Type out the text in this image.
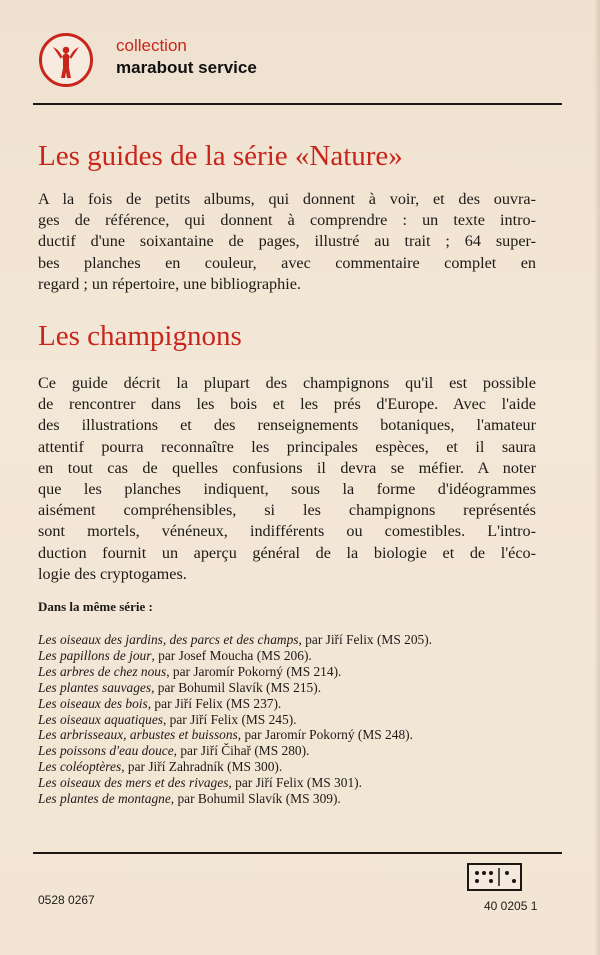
collection
marabout service
Les guides de la série «Nature»
A la fois de petits albums, qui donnent à voir, et des ouvra-
ges de référence, qui donnent à comprendre : un texte intro-
ductif d'une soixantaine de pages, illustré au trait ; 64 super-
bes planches en couleur, avec commentaire complet en
regard ; un répertoire, une bibliographie.
Les champignons
Ce guide décrit la plupart des champignons qu'il est possible
de rencontrer dans les bois et les prés d'Europe. Avec l'aide
des illustrations et des renseignements botaniques, l'amateur
attentif pourra reconnaître les principales espèces, et il saura
en tout cas de quelles confusions il devra se méfier. A noter
que les planches indiquent, sous la forme d'idéogrammes
aisément compréhensibles, si les champignons représentés
sont mortels, vénéneux, indifférents ou comestibles. L'intro-
duction fournit un aperçu général de la biologie et de l'éco-
logie des cryptogames.

Dans la même série :

Les oiseaux des jardins, des parcs et des champs, par Jiří Felix (MS 205).
Les papillons de jour, par Josef Moucha (MS 206).
Les arbres de chez nous, par Jaromír Pokorný (MS 214).
Les plantes sauvages, par Bohumil Slavík (MS 215).
Les oiseaux des bois, par Jiří Felix (MS 237).
Les oiseaux aquatiques, par Jiří Felix (MS 245).
Les arbrisseaux, arbustes et buissons, par Jaromír Pokorný (MS 248).
Les poissons d'eau douce, par Jiří Čihař (MS 280).
Les coléoptères, par Jiří Zahradník (MS 300).
Les oiseaux des mers et des rivages, par Jiří Felix (MS 301).
Les plantes de montagne, par Bohumil Slavík (MS 309).
0528 0267	40 0205 1
